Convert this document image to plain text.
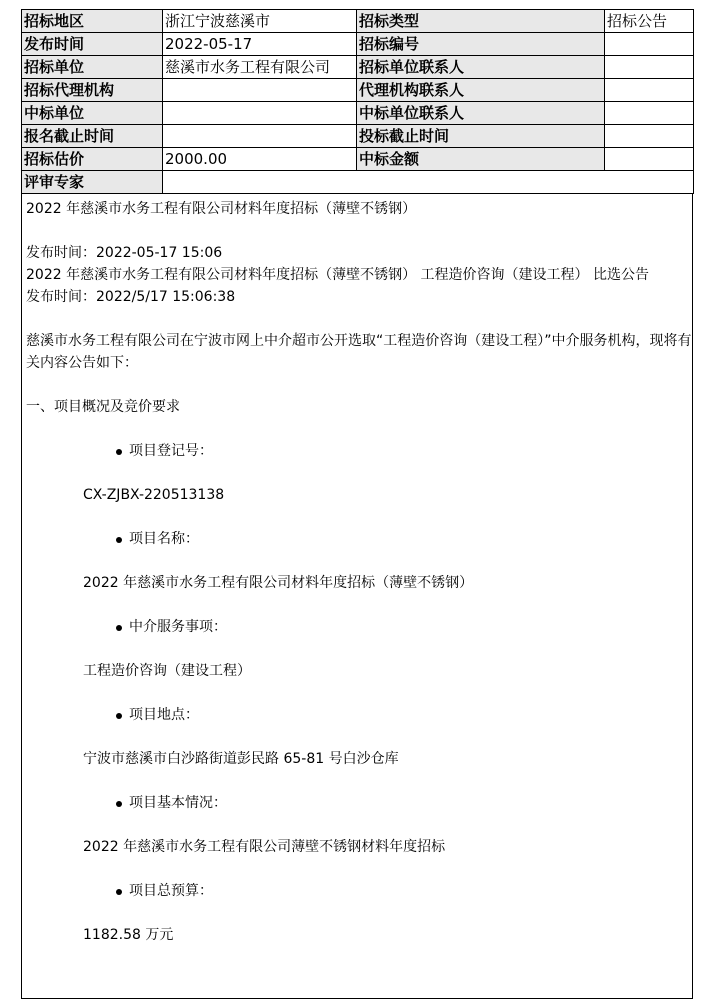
招标地区	浙江宁波慈溪市	招标类型	招标公告
发布时间	2022-05-17	招标编号	
招标单位	慈溪市水务工程有限公司	招标单位联系人	
招标代理机构		代理机构联系人	
中标单位		中标单位联系人	
报名截止时间		投标截止时间	
招标估价	2000.00	中标金额	
评审专家			

2022 年慈溪市水务工程有限公司材料年度招标（薄壁不锈钢）

发布时间：2022-05-17 15:06

2022 年慈溪市水务工程有限公司材料年度招标（薄壁不锈钢） 工程造价咨询（建设工程） 比选公告

发布时间：2022/5/17 15:06:38

慈溪市水务工程有限公司在宁波市网上中介超市公开选取“工程造价咨询（建设工程）”中介服务机构，现将有关内容公告如下：

一、项目概况及竞价要求

项目登记号：

CX-ZJBX-220513138

项目名称：

2022 年慈溪市水务工程有限公司材料年度招标（薄壁不锈钢）

中介服务事项：

工程造价咨询（建设工程）

项目地点：

宁波市慈溪市白沙路街道彭民路 65-81 号白沙仓库

项目基本情况：

2022 年慈溪市水务工程有限公司薄壁不锈钢材料年度招标

项目总预算：

1182.58 万元
